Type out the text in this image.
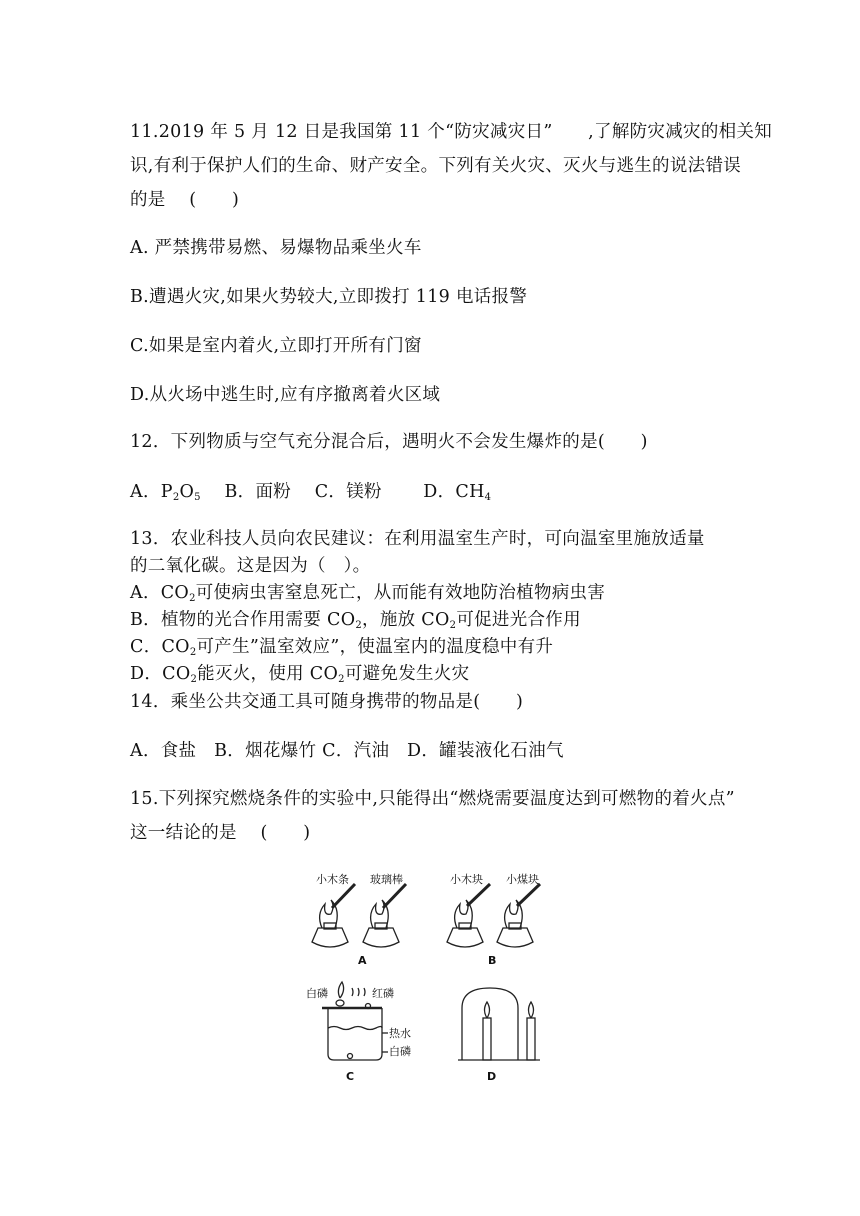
11.2019 年 5 月 12 日是我国第 11 个“防灾减灾日”　　,了解防灾减灾的相关知
识,有利于保护人们的生命、财产安全。下列有关火灾、灭火与逃生的说法错误
的是　 (　　)
A. 严禁携带易燃、易爆物品乘坐火车
B.遭遇火灾,如果火势较大,立即拨打 119 电话报警
C.如果是室内着火,立即打开所有门窗
D.从火场中逃生时,应有序撤离着火区域
12．下列物质与空气充分混合后，遇明火不会发生爆炸的是(　　)
A．$P_2O_5$　 B．面粉　 C．镁粉　　 D．$CH_4$
13．农业科技人员向农民建议：在利用温室生产时，可向温室里施放适量
的二氧化碳。这是因为（　）。
A．$CO_2$可使病虫害窒息死亡，从而能有效地防治植物病虫害
B．植物的光合作用需要 $CO_2$，施放 $CO_2$可促进光合作用
C．$CO_2$可产生”温室效应”，使温室内的温度稳中有升
D．$CO_2$能灭火，使用 $CO_2$可避免发生火灾
14．乘坐公共交通工具可随身携带的物品是(　　)
A．食盐　B．烟花爆竹 C．汽油　D．罐装液化石油气
15.下列探究燃烧条件的实验中,只能得出“燃烧需要温度达到可燃物的着火点”
这一结论的是　 (　　)
小木条 玻璃棒
A
小木块 小煤块
B
白磷	红磷
热水
白磷
C	D
